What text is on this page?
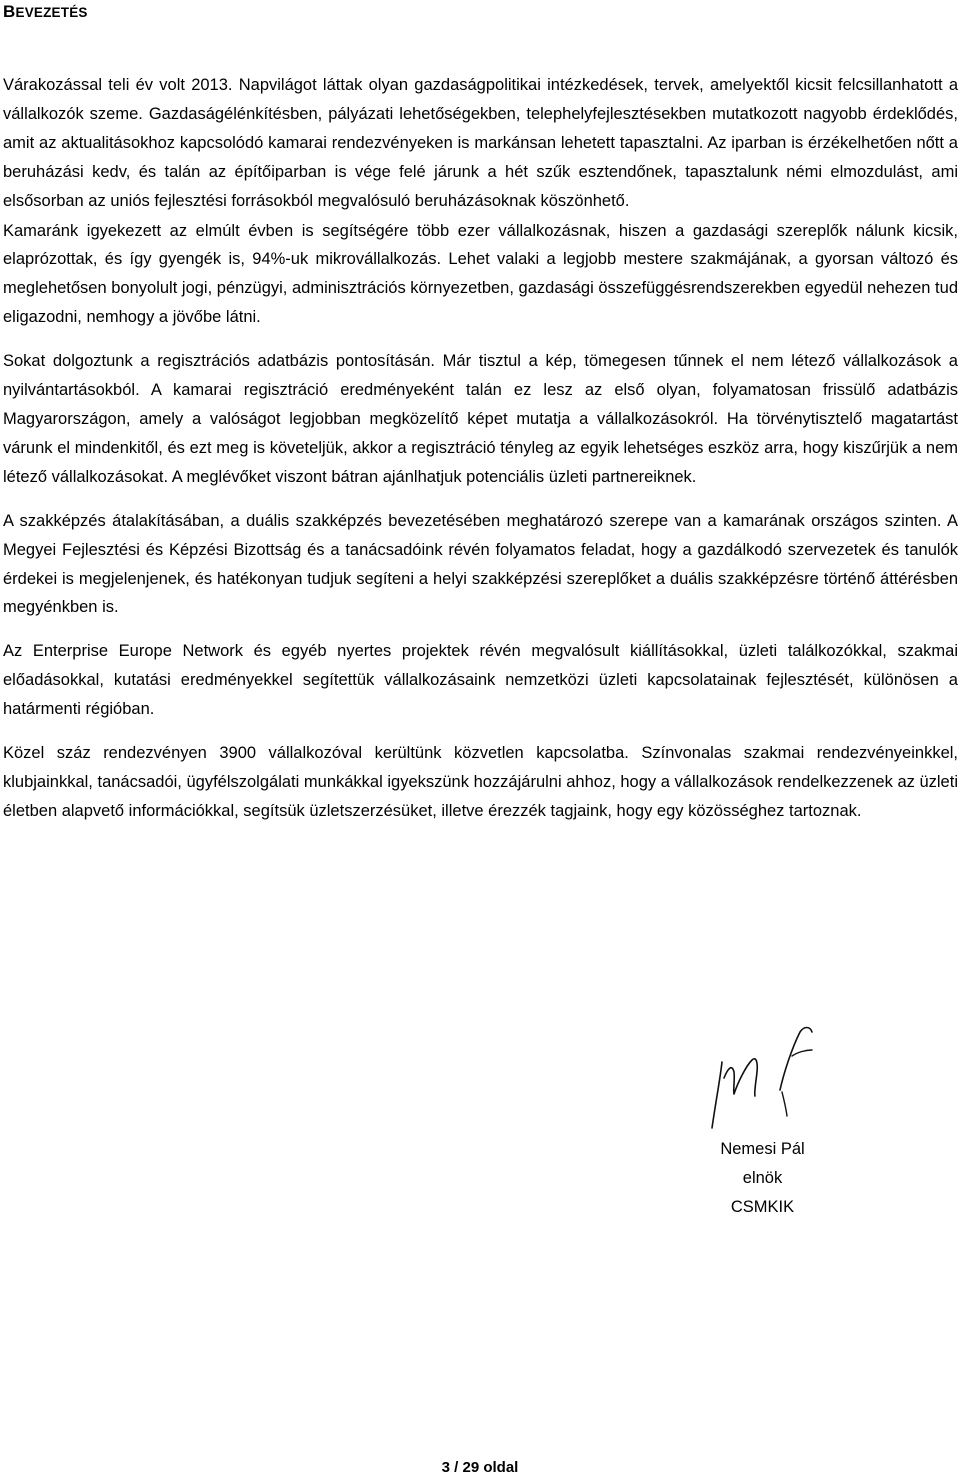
BEVEZETÉS

Várakozással teli év volt 2013. Napvilágot láttak olyan gazdaságpolitikai intézkedések, tervek, amelyektől kicsit felcsillanhatott a vállalkozók szeme. Gazdaságélénkítésben, pályázati lehetőségekben, telephelyfejlesztésekben mutatkozott nagyobb érdeklődés, amit az aktualitásokhoz kapcsolódó kamarai rendezvényeken is markánsan lehetett tapasztalni. Az iparban is érzékelhetően nőtt a beruházási kedv, és talán az építőiparban is vége felé járunk a hét szűk esztendőnek, tapasztalunk némi elmozdulást, ami elsősorban az uniós fejlesztési forrásokból megvalósuló beruházásoknak köszönhető.

Kamaránk igyekezett az elmúlt évben is segítségére több ezer vállalkozásnak, hiszen a gazdasági szereplők nálunk kicsik, elaprózottak, és így gyengék is, 94%-uk mikrovállalkozás. Lehet valaki a legjobb mestere szakmájának, a gyorsan változó és meglehetősen bonyolult jogi, pénzügyi, adminisztrációs környezetben, gazdasági összefüggésrendszerekben egyedül nehezen tud eligazodni, nemhogy a jövőbe látni.

Sokat dolgoztunk a regisztrációs adatbázis pontosításán. Már tisztul a kép, tömegesen tűnnek el nem létező vállalkozások a nyilvántartásokból. A kamarai regisztráció eredményeként talán ez lesz az első olyan, folyamatosan frissülő adatbázis Magyarországon, amely a valóságot legjobban megközelítő képet mutatja a vállalkozásokról. Ha törvénytisztelő magatartást várunk el mindenkitől, és ezt meg is követeljük, akkor a regisztráció tényleg az egyik lehetséges eszköz arra, hogy kiszűrjük a nem létező vállalkozásokat. A meglévőket viszont bátran ajánlhatjuk potenciális üzleti partnereiknek.

A szakképzés átalakításában, a duális szakképzés bevezetésében meghatározó szerepe van a kamarának országos szinten. A Megyei Fejlesztési és Képzési Bizottság és a tanácsadóink révén folyamatos feladat, hogy a gazdálkodó szervezetek és tanulók érdekei is megjelenjenek, és hatékonyan tudjuk segíteni a helyi szakképzési szereplőket a duális szakképzésre történő áttérésben megyénkben is.

Az Enterprise Europe Network és egyéb nyertes projektek révén megvalósult kiállításokkal, üzleti találkozókkal, szakmai előadásokkal, kutatási eredményekkel segítettük vállalkozásaink nemzetközi üzleti kapcsolatainak fejlesztését, különösen a határmenti régióban.

Közel száz rendezvényen 3900 vállalkozóval kerültünk közvetlen kapcsolatba. Színvonalas szakmai rendezvényeinkkel, klubjainkkal, tanácsadói, ügyfélszolgálati munkákkal igyekszünk hozzájárulni ahhoz, hogy a vállalkozások rendelkezzenek az üzleti életben alapvető információkkal, segítsük üzletszerzésüket, illetve érezzék tagjaink, hogy egy közösséghez tartoznak.

Nemesi Pál
elnök
CSMKIK
3 / 29 oldal
